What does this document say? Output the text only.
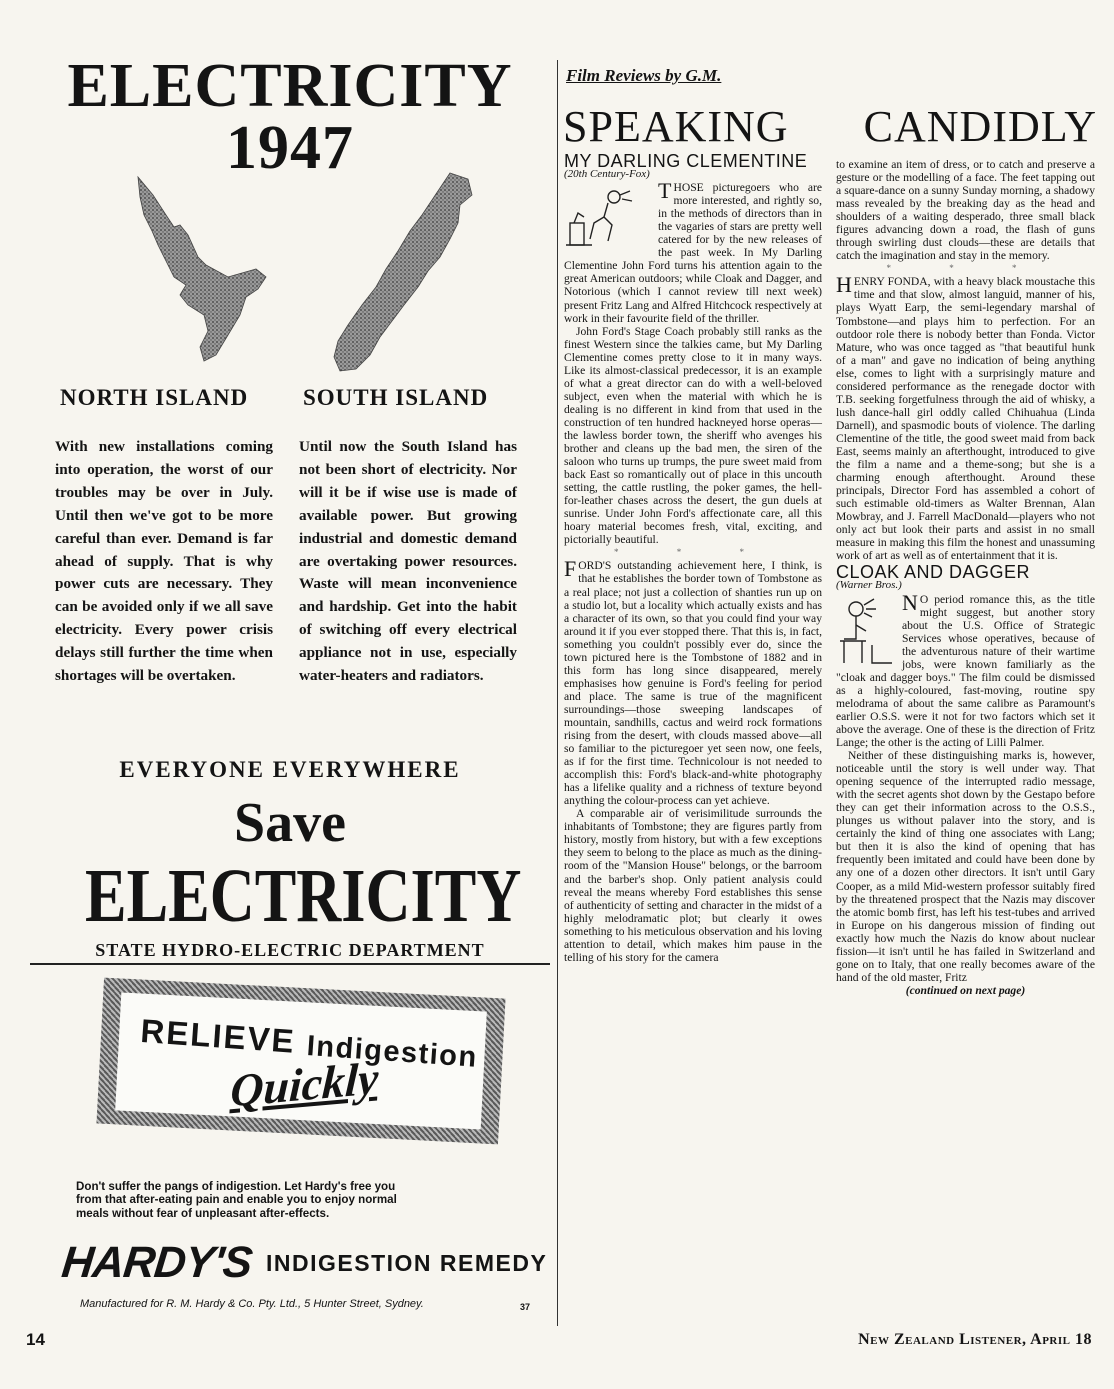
ELECTRICITY
1947
NORTH ISLAND SOUTH ISLAND
With new installations coming into operation, the worst of our troubles may be over in July. Until then we've got to be more careful than ever. Demand is far ahead of supply. That is why power cuts are necessary. They can be avoided only if we all save electricity. Every power crisis delays still further the time when shortages will be overtaken.
Until now the South Island has not been short of electricity. Nor will it be if wise use is made of available power. But growing industrial and domestic demand are overtaking power resources. Waste will mean inconvenience and hardship. Get into the habit of switching off every electrical appliance not in use, especially water-heaters and radiators.
EVERYONE EVERYWHERE
Save
ELECTRICITY
STATE HYDRO-ELECTRIC DEPARTMENT
RELIEVE Indigestion
Quickly
Don't suffer the pangs of indigestion. Let Hardy's free you from that after-eating pain and enable you to enjoy normal meals without fear of unpleasant after-effects.
HARDY'S INDIGESTION REMEDY
Manufactured for R. M. Hardy & Co. Pty. Ltd., 5 Hunter Street, Sydney.	37
14	New Zealand Listener, April 18
Film Reviews by G.M.
SPEAKING CANDIDLY
MY DARLING CLEMENTINE
(20th Century-Fox)

THOSE picturegoers who are more interested, and rightly so, in the methods of directors than in the vagaries of stars are pretty well catered for by the new releases of the past week. In My Darling Clementine John Ford turns his attention again to the great American outdoors; while Cloak and Dagger, and Notorious (which I cannot review till next week) present Fritz Lang and Alfred Hitchcock respectively at work in their favourite field of the thriller.

John Ford's Stage Coach probably still ranks as the finest Western since the talkies came, but My Darling Clementine comes pretty close to it in many ways. Like its almost-classical predecessor, it is an example of what a great director can do with a well-beloved subject, even when the material with which he is dealing is no different in kind from that used in the construction of ten hundred hackneyed horse operas—the lawless border town, the sheriff who avenges his brother and cleans up the bad men, the siren of the saloon who turns up trumps, the pure sweet maid from back East so romantically out of place in this uncouth setting, the cattle rustling, the poker games, the hell-for-leather chases across the desert, the gun duels at sunrise. Under John Ford's affectionate care, all this hoary material becomes fresh, vital, exciting, and pictorially beautiful.

* * *

FORD'S outstanding achievement here, I think, is that he establishes the border town of Tombstone as a real place; not just a collection of shanties run up on a studio lot, but a locality which actually exists and has a character of its own, so that you could find your way around it if you ever stopped there. That this is, in fact, something you couldn't possibly ever do, since the town pictured here is the Tombstone of 1882 and in this form has long since disappeared, merely emphasises how genuine is Ford's feeling for period and place. The same is true of the magnificent surroundings—those sweeping landscapes of mountain, sandhills, cactus and weird rock formations rising from the desert, with clouds massed above—all so familiar to the picturegoer yet seen now, one feels, as if for the first time. Technicolour is not needed to accomplish this: Ford's black-and-white photography has a lifelike quality and a richness of texture beyond anything the colour-process can yet achieve.

A comparable air of verisimilitude surrounds the inhabitants of Tombstone; they are figures partly from history, mostly from history, but with a few exceptions they seem to belong to the place as much as the dining-room of the "Mansion House" belongs, or the barroom and the barber's shop. Only patient analysis could reveal the means whereby Ford establishes this sense of authenticity of setting and character in the midst of a highly melodramatic plot; but clearly it owes something to his meticulous observation and his loving attention to detail, which makes him pause in the telling of his story for the camera

to examine an item of dress, or to catch and preserve a gesture or the modelling of a face. The feet tapping out a square-dance on a sunny Sunday morning, a shadowy mass revealed by the breaking day as the head and shoulders of a waiting desperado, three small black figures advancing down a road, the flash of guns through swirling dust clouds—these are details that catch the imagination and stay in the memory.

* * *

HENRY FONDA, with a heavy black moustache this time and that slow, almost languid, manner of his, plays Wyatt Earp, the semi-legendary marshal of Tombstone—and plays him to perfection. For an outdoor role there is nobody better than Fonda. Victor Mature, who was once tagged as "that beautiful hunk of a man" and gave no indication of being anything else, comes to light with a surprisingly mature and considered performance as the renegade doctor with T.B. seeking forgetfulness through the aid of whisky, a lush dance-hall girl oddly called Chihuahua (Linda Darnell), and spasmodic bouts of violence. The darling Clementine of the title, the good sweet maid from back East, seems mainly an afterthought, introduced to give the film a name and a theme-song; but she is a charming enough afterthought. Around these principals, Director Ford has assembled a cohort of such estimable old-timers as Walter Brennan, Alan Mowbray, and J. Farrell MacDonald—players who not only act but look their parts and assist in no small measure in making this film the honest and unassuming work of art as well as of entertainment that it is.

CLOAK AND DAGGER
(Warner Bros.)

N O period romance this, as the title might suggest, but another story about the U.S. Office of Strategic Services whose operatives, because of the adventurous nature of their wartime jobs, were known familiarly as the "cloak and dagger boys." The film could be dismissed as a highly-coloured, fast-moving, routine spy melodrama of about the same calibre as Paramount's earlier O.S.S. were it not for two factors which set it above the average. One of these is the direction of Fritz Lange; the other is the acting of Lilli Palmer.

Neither of these distinguishing marks is, however, noticeable until the story is well under way. That opening sequence of the interrupted radio message, with the secret agents shot down by the Gestapo before they can get their information across to the O.S.S., plunges us without palaver into the story, and is certainly the kind of thing one associates with Lang; but then it is also the kind of opening that has frequently been imitated and could have been done by any one of a dozen other directors. It isn't until Gary Cooper, as a mild Mid-western professor suitably fired by the threatened prospect that the Nazis may discover the atomic bomb first, has left his test-tubes and arrived in Europe on his dangerous mission of finding out exactly how much the Nazis do know about nuclear fission—it isn't until he has failed in Switzerland and gone on to Italy, that one really becomes aware of the hand of the old master, Fritz

(continued on next page)
